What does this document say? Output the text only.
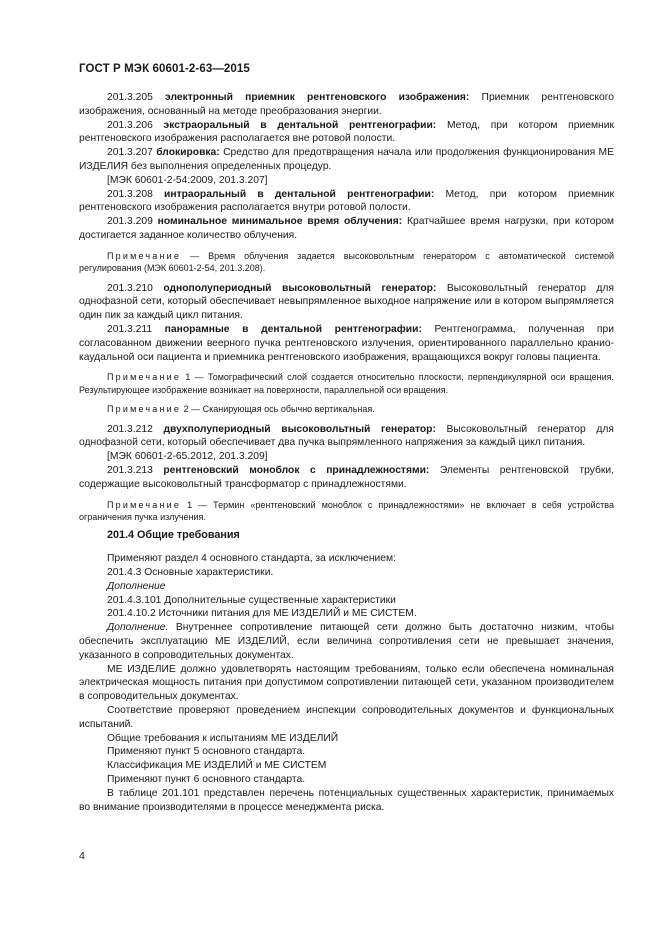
ГОСТ Р МЭК 60601-2-63—2015

201.3.205 электронный приемник рентгеновского изображения: Приемник рентгеновского изображения, основанный на методе преобразования энергии.

201.3.206 экстраоральный в дентальной рентгенографии: Метод, при котором приемник рентгеновского изображения располагается вне ротовой полости.

201.3.207 блокировка: Средство для предотвращения начала или продолжения функционирования МЕ ИЗДЕЛИЯ без выполнения определенных процедур.

[МЭК 60601-2-54:2009, 201.3.207]

201.3.208 интраоральный в дентальной рентгенографии: Метод, при котором приемник рентгеновского изображения располагается внутри ротовой полости.

201.3.209 номинальное минимальное время облучения: Кратчайшее время нагрузки, при котором достигается заданное количество облучения.

Примечание — Время облучения задается высоковольтным генератором с автоматической системой регулирования (МЭК 60601-2-54, 201.3.208).

201.3.210 однополупериодный высоковольтный генератор: Высоковольтный генератор для однофазной сети, который обеспечивает невыпрямленное выходное напряжение или в котором выпрямляется один пик за каждый цикл питания.

201.3.211 панорамные в дентальной рентгенографии: Рентгенограмма, полученная при согласованном движении веерного пучка рентгеновского излучения, ориентированного параллельно кранио-каудальной оси пациента и приемника рентгеновского изображения, вращающихся вокруг головы пациента.

Примечание 1 — Томографический слой создается относительно плоскости, перпендикулярной оси вращения. Результирующее изображение возникает на поверхности, параллельной оси вращения.

Примечание 2 — Сканирующая ось обычно вертикальная.

201.3.212 двухполупериодный высоковольтный генератор: Высоковольтный генератор для однофазной сети, который обеспечивает два пучка выпрямленного напряжения за каждый цикл питания.

[МЭК 60601-2-65.2012, 201.3.209]

201.3.213 рентгеновский моноблок с принадлежностями: Элементы рентгеновской трубки, содержащие высоковольтный трансформатор с принадлежностями.

Примечание 1 — Термин «рентгеновский моноблок с принадлежностями» не включает в себя устройства ограничения пучка излучения.

201.4 Общие требования

Применяют раздел 4 основного стандарта, за исключением:

201.4.3 Основные характеристики.

Дополнение

201.4.3.101 Дополнительные существенные характеристики

201.4.10.2 Источники питания для МЕ ИЗДЕЛИЙ и МЕ СИСТЕМ.

Дополнение. Внутреннее сопротивление питающей сети должно быть достаточно низким, чтобы обеспечить эксплуатацию МЕ ИЗДЕЛИЙ, если величина сопротивления сети не превышает значения, указанного в сопроводительных документах.

МЕ ИЗДЕЛИЕ должно удовлетворять настоящим требованиям, только если обеспечена номинальная электрическая мощность питания при допустимом сопротивлении питающей сети, указанном производителем в сопроводительных документах.

Соответствие проверяют проведением инспекции сопроводительных документов и функциональных испытаний.

Общие требования к испытаниям МЕ ИЗДЕЛИЙ

Применяют пункт 5 основного стандарта.

Классификация МЕ ИЗДЕЛИЙ и МЕ СИСТЕМ

Применяют пункт 6 основного стандарта.

В таблице 201.101 представлен перечень потенциальных существенных характеристик, принимаемых во внимание производителями в процессе менеджмента риска.

4
